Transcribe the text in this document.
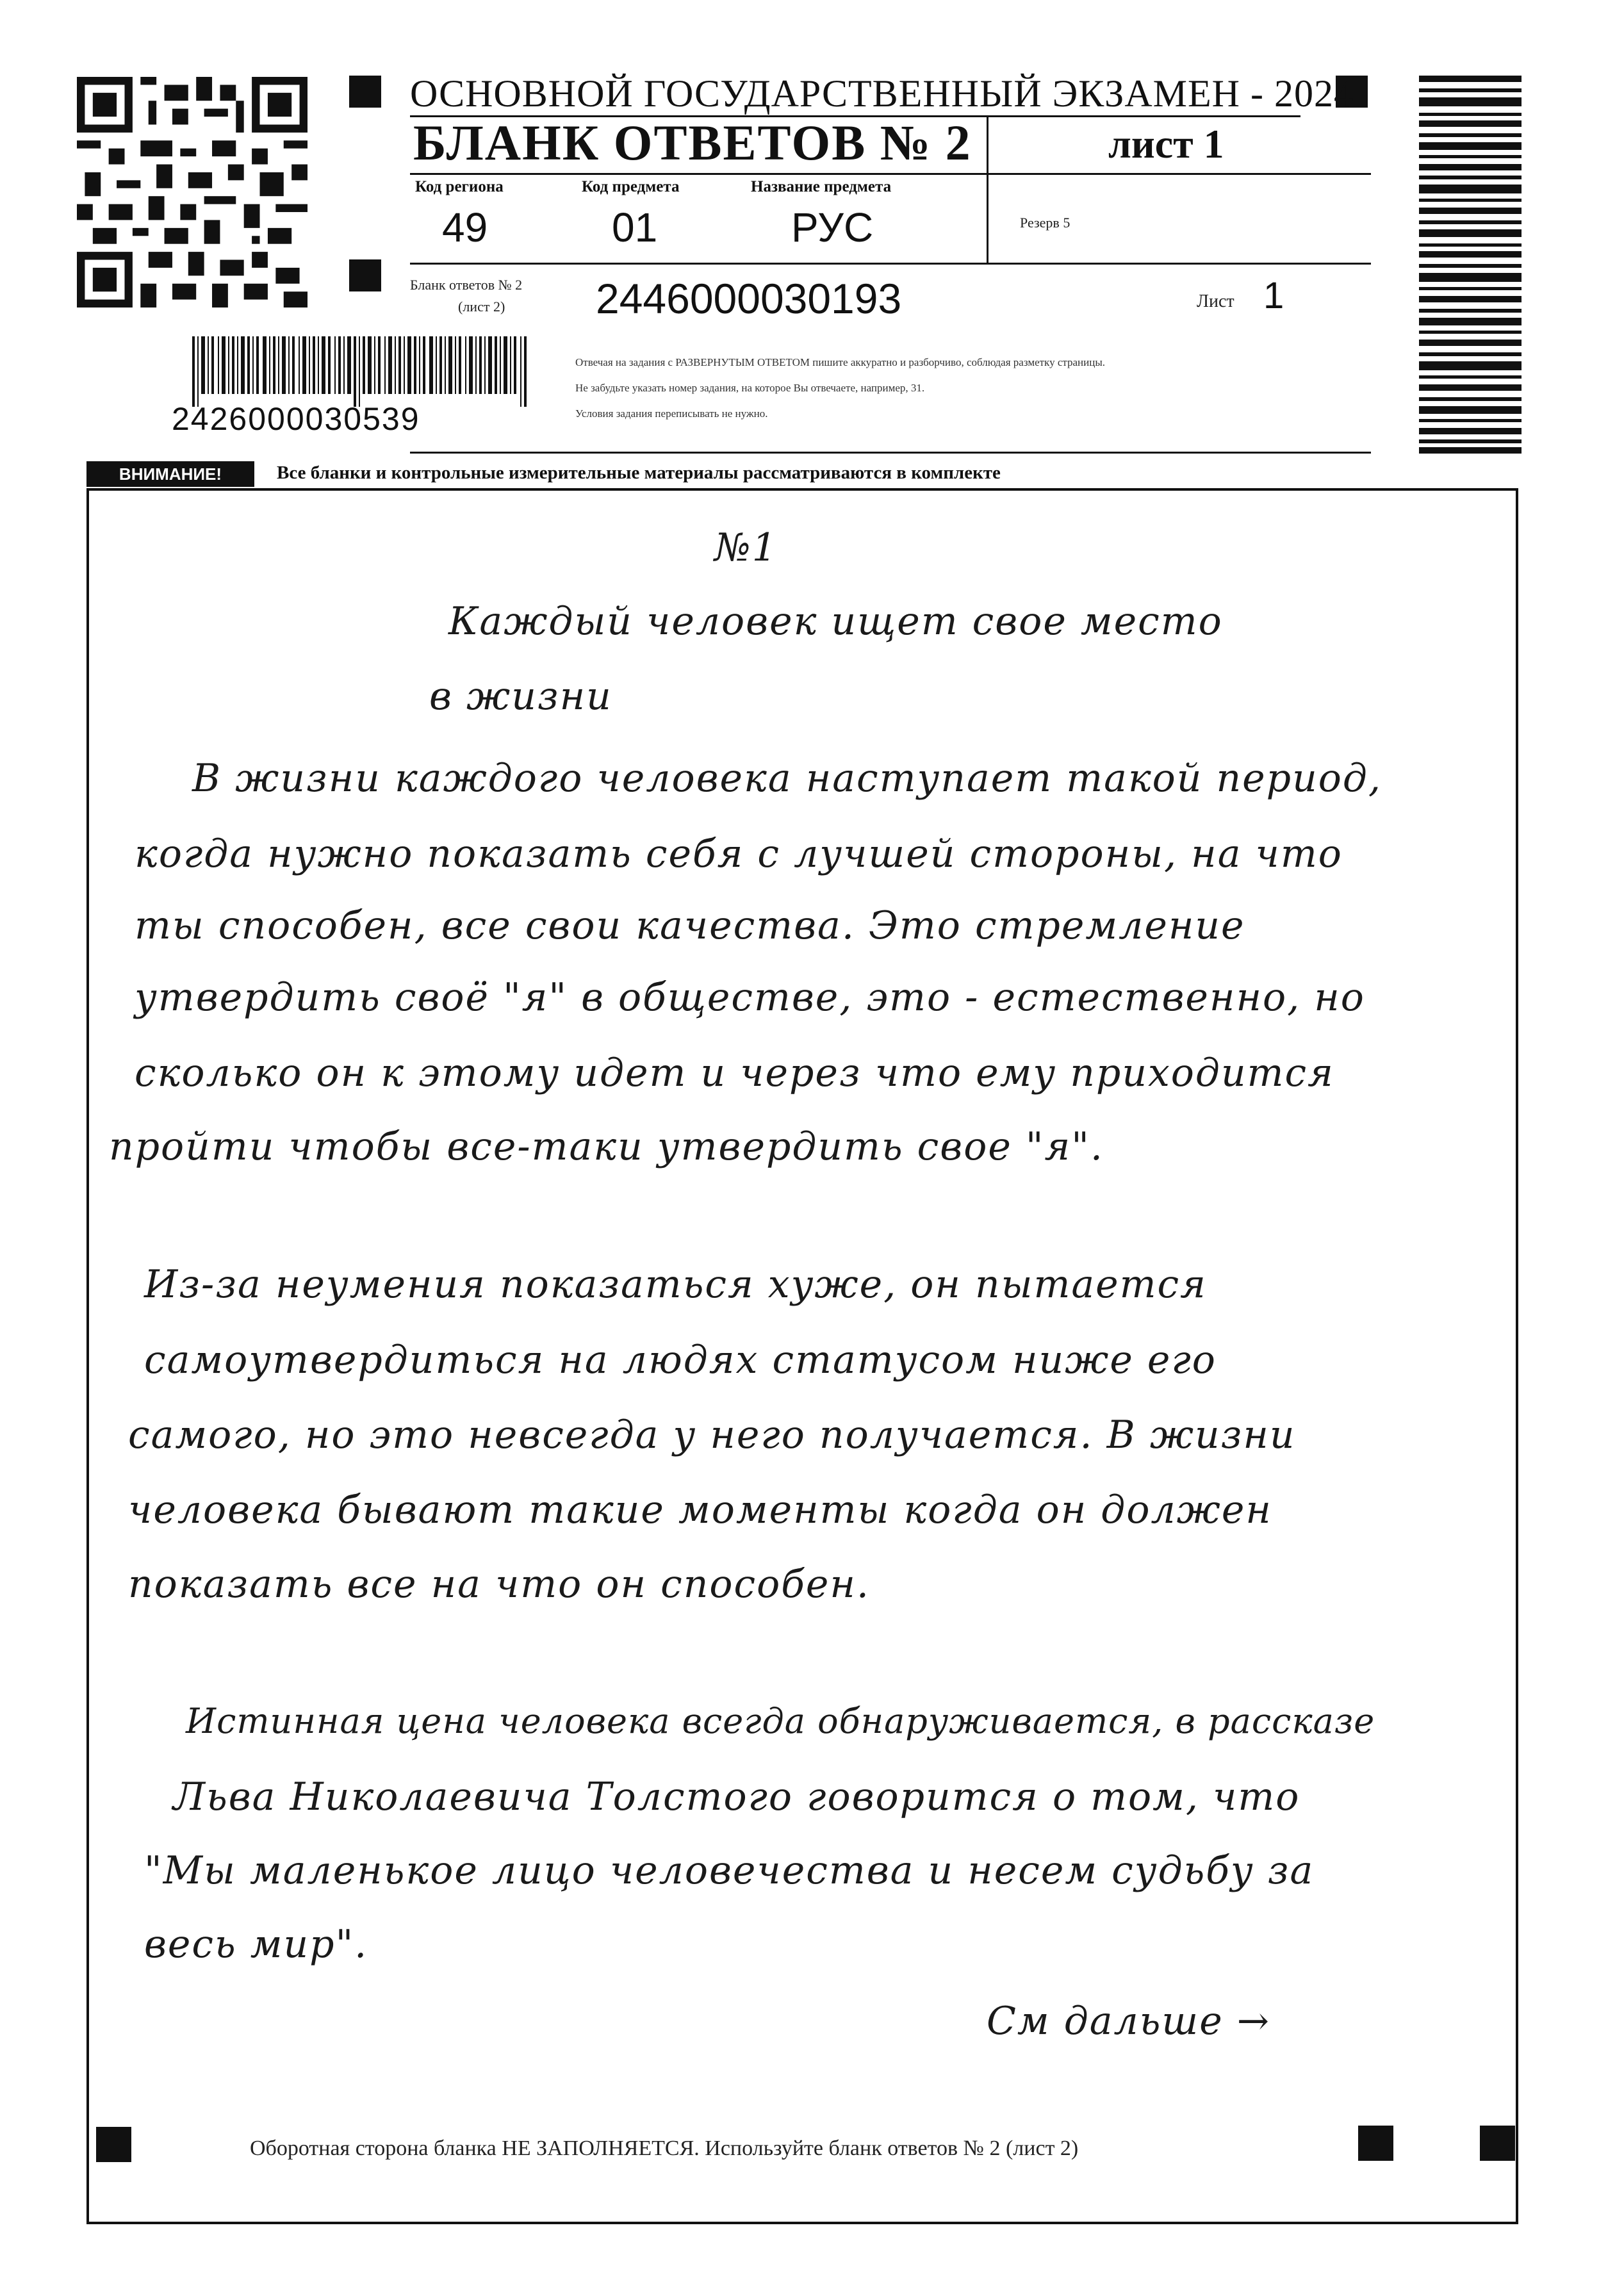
ОСНОВНОЙ ГОСУДАРСТВЕННЫЙ ЭКЗАМЕН - 2024
БЛАНК ОТВЕТОВ № 2	лист 1
Код региона
49
Код предмета
01
Название предмета
РУС	Резерв 5
Бланк ответов № 2
(лист 2) 2446000030193	Лист 1
Отвечая на задания с РАЗВЕРНУТЫМ ОТВЕТОМ пишите аккуратно и разборчиво, соблюдая разметку страницы.
Не забудьте указать номер задания, на которое Вы отвечаете, например, 31.
Условия задания переписывать не нужно.
2426000030539
ВНИМАНИЕ!	Все бланки и контрольные измерительные материалы рассматриваются в комплекте
№1
Каждый человек ищет свое место
в жизни
В жизни каждого человека наступает такой период,
когда нужно показать себя с лучшей стороны, на что
ты способен, все свои качества. Это стремление
утвердить своё "я" в обществе, это - естественно, но
сколько он к этому идет и через что ему приходится
пройти чтобы все-таки утвердить свое "я".
Из-за неумения показаться хуже, он пытается
самоутвердиться на людях статусом ниже его
самого, но это невсегда у него получается. В жизни
человека бывают такие моменты когда он должен
показать все на что он способен.
Истинная цена человека всегда обнаруживается, в рассказе
Льва Николаевича Толстого говорится о том, что
"Мы маленькое лицо человечества и несем судьбу за
весь мир".
См дальше →
Оборотная сторона бланка НЕ ЗАПОЛНЯЕТСЯ. Используйте бланк ответов № 2 (лист 2)
